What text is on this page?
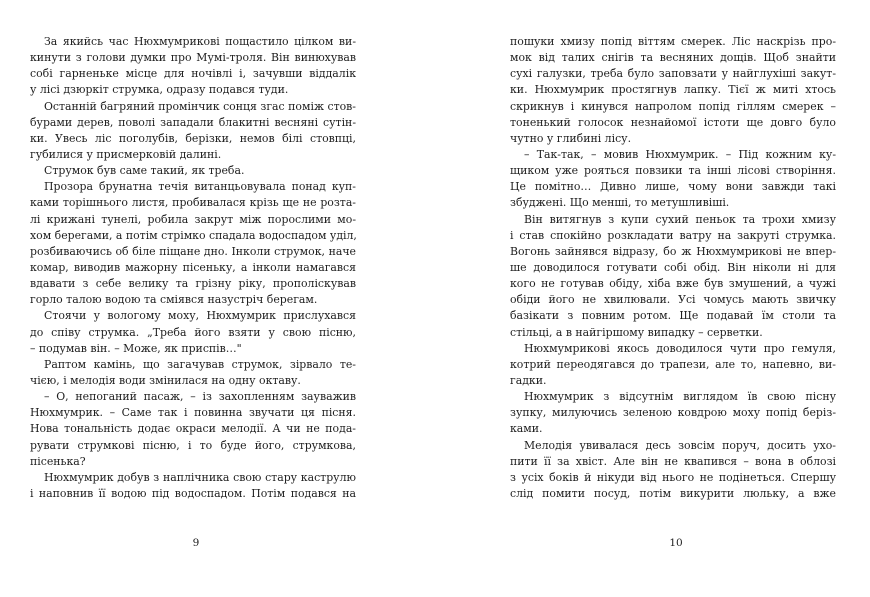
За якийсь час Нюхмумрикові пощастило цілком ви-
кинути з голови думки про Мумі-троля. Він винюхував
собі гарненьке місце для ночівлі і, зачувши віддалік
у лісі дзюркіт струмка, одразу подався туди.
Останній багряний промінчик сонця згас поміж стов-
бурами дерев, поволі западали блакитні весняні сутін-
ки. Увесь ліс поголубів, берізки, немов білі стовпці,
губилися у присмерковій далині.
Струмок був саме такий, як треба.
Прозора брунатна течія витанцьовувала понад куп-
ками торішнього листя, пробивалася крізь ще не розта-
лі крижані тунелі, робила закрут між порослими мо-
хом берегами, а потім стрімко спадала водоспадом уділ,
розбиваючись об біле піщане дно. Інколи струмок, наче
комар, виводив мажорну пісеньку, а інколи намагався
вдавати з себе велику та грізну ріку, прополіскував
горло талою водою та сміявся назустріч берегам.
Стоячи у вологому моху, Нюхмумрик прислухався
до співу струмка. „Треба його взяти у свою пісню,
– подумав він. – Може, як приспів…"
Раптом камінь, що загачував струмок, зірвало те-
чією, і мелодія води змінилася на одну октаву.
– О, непоганий пасаж, – із захопленням зауважив
Нюхмумрик. – Саме так і повинна звучати ця пісня.
Нова тональність додає окраси мелодії. А чи не пода-
рувати струмкові пісню, і то буде його, струмкова,
пісенька?
Нюхмумрик добув з наплічника свою стару каструлю
і наповнив її водою під водоспадом. Потім подався на
9
пошуки хмизу попід віттям смерек. Ліс наскрізь про-
мок від талих снігів та весняних дощів. Щоб знайти
сухі галузки, треба було заповзати у найглухіші закут-
ки. Нюхмумрик простягнув лапку. Тієї ж миті хтось
скрикнув і кинувся напролом попід гіллям смерек –
тоненький голосок незнайомої істоти ще довго було
чутно у глибині лісу.
– Так-так, – мовив Нюхмумрик. – Під кожним ку-
щиком уже рояться повзики та інші лісові створіння.
Це помітно… Дивно лише, чому вони завжди такі
збуджені. Що менші, то метушливіші.
Він витягнув з купи сухий пеньок та трохи хмизу
і став спокійно розкладати ватру на закруті струмка.
Вогонь зайнявся відразу, бо ж Нюхмумрикові не впер-
ше доводилося готувати собі обід. Він ніколи ні для
кого не готував обіду, хіба вже був змушений, а чужі
обіди його не хвилювали. Усі чомусь мають звичку
базікати з повним ротом. Ще подавай їм столи та
стільці, а в найгіршому випадку – серветки.
Нюхмумрикові якось доводилося чути про гемуля,
котрий переодягався до трапези, але то, напевно, ви-
гадки.
Нюхмумрик з відсутнім виглядом їв свою пісну
зупку, милуючись зеленою ковдрою моху попід беріз-
ками.
Мелодія увивалася десь зовсім поруч, досить ухо-
пити її за хвіст. Але він не квапився – вона в облозі
з усіх боків й нікуди від нього не подінеться. Спершу
слід помити посуд, потім викурити люльку, а вже
10
